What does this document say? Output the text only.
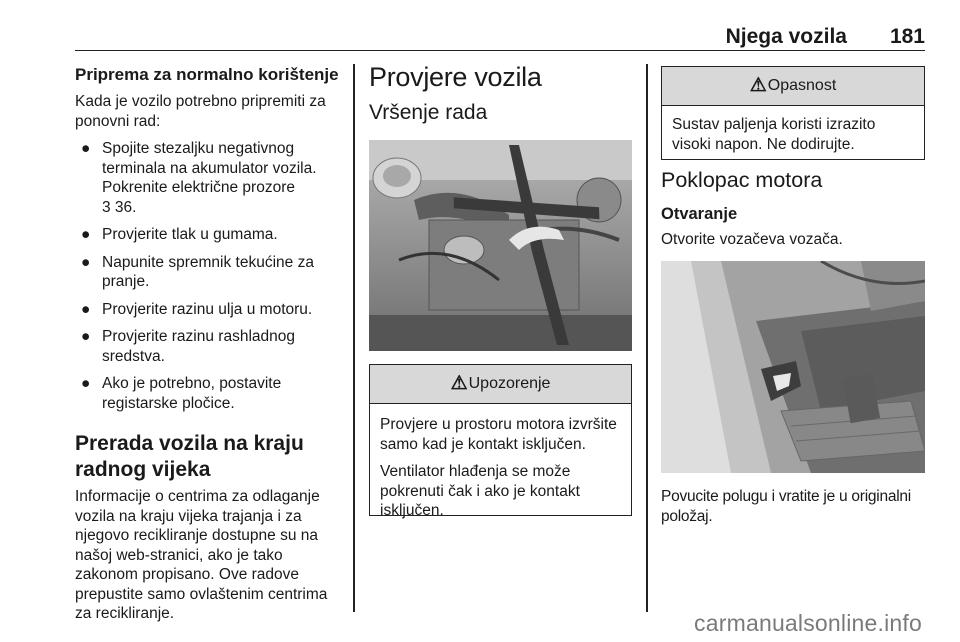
Njega vozila 181
Priprema za normalno korištenje

Kada je vozilo potrebno pripremiti za ponovni rad:

● Spojite stezaljku negativnog terminala na akumulator vozila. Pokrenite električne prozore
3 36.
● Provjerite tlak u gumama.
● Napunite spremnik tekućine za pranje.
● Provjerite razinu ulja u motoru.
● Provjerite razinu rashladnog sredstva.
● Ako je potrebno, postavite registarske pločice.
Prerada vozila na kraju
radnog vijeka

Informacije o centrima za odlaganje vozila na kraju vijeka trajanja i za njegovo recikliranje dostupne su na našoj web-stranici, ako je tako zakonom propisano. Ove radove prepustite samo ovlaštenim centrima za recikliranje.

Provjere vozila
Vršenje rada
⚠Upozorenje

Provjere u prostoru motora izvršite samo kad je kontakt isključen.

Ventilator hlađenja se može pokrenuti čak i ako je kontakt isključen.

⚠Opasnost

Sustav paljenja koristi izrazito visoki napon. Ne dodirujte.

Poklopac motora
Otvaranje

Otvorite vozačeva vozača.

Povucite polugu i vratite je u originalni položaj.

carmanualsonline.info
